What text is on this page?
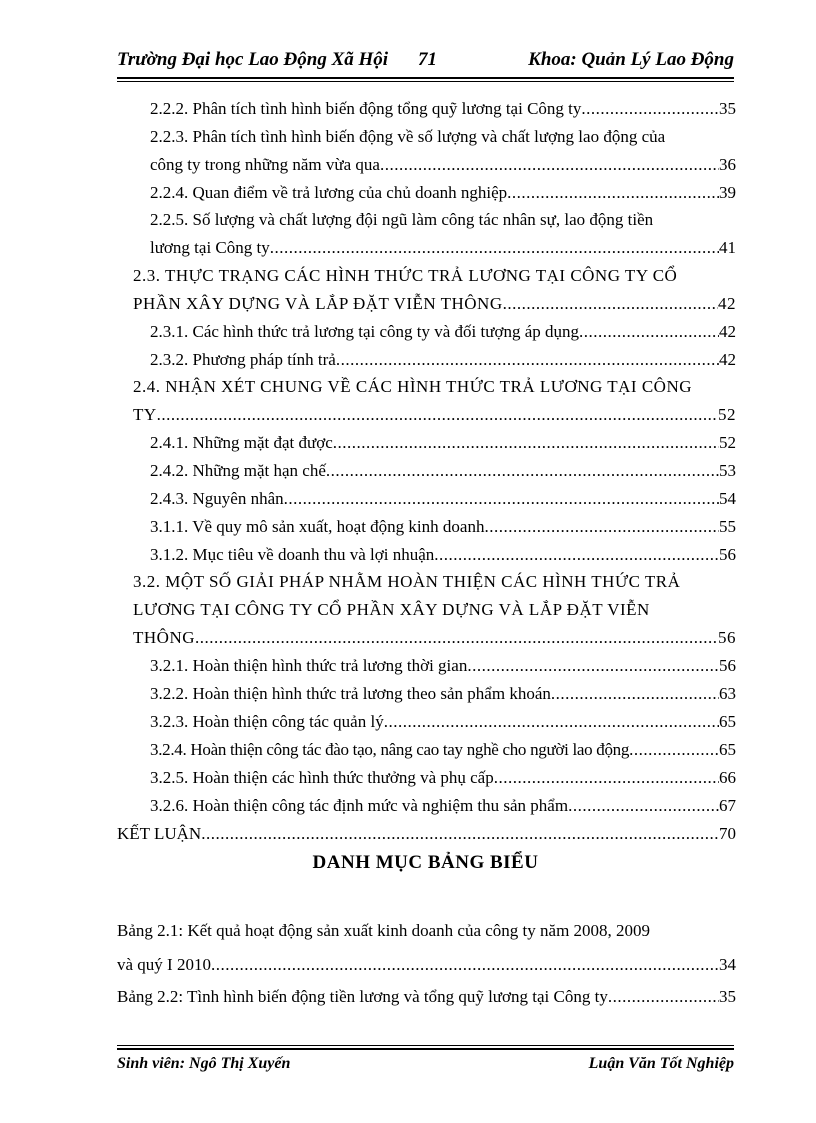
Trường Đại học Lao Động Xã Hội 71	Khoa: Quản Lý Lao Động
2.2.2. Phân tích tình hình biến động tổng quỹ lương tại Công ty .....	35
2.2.3. Phân tích tình hình biến động về số lượng và chất lượng lao động của
công ty trong những năm vừa qua .....	36
2.2.4. Quan điểm về trả lương của chủ doanh nghiệp .....	39
2.2.5. Số lượng và chất lượng đội ngũ làm công tác nhân sự, lao động tiền
lương tại Công ty .....	41
2.3. THỰC TRẠNG CÁC HÌNH THỨC TRẢ LƯƠNG TẠI CÔNG TY CỔ
PHẦN XÂY DỰNG VÀ LẮP ĐẶT VIỄN THÔNG .....	42
2.3.1. Các hình thức trả lương tại công ty và đối tượng áp dụng .....	42
2.3.2. Phương pháp tính trả .....	42
2.4. NHẬN XÉT CHUNG VỀ CÁC HÌNH THỨC TRẢ LƯƠNG TẠI CÔNG
TY .....	52
2.4.1. Những mặt đạt được .....	52
2.4.2. Những mặt hạn chế .....	53
2.4.3. Nguyên nhân .....	54
3.1.1. Về quy mô sản xuất, hoạt động kinh doanh .....	55
3.1.2. Mục tiêu về doanh thu và lợi nhuận .....	56
3.2. MỘT SỐ GIẢI PHÁP NHẰM HOÀN THIỆN CÁC HÌNH THỨC TRẢ
LƯƠNG TẠI CÔNG TY CỔ PHẦN XÂY DỰNG VÀ LẮP ĐẶT VIỄN
THÔNG .....	56
3.2.1. Hoàn thiện hình thức trả lương thời gian .....	56
3.2.2. Hoàn thiện hình thức trả lương theo sản phẩm khoán .....	63
3.2.3. Hoàn thiện công tác quản lý .....	65
3.2.4. Hoàn thiện công tác đào tạo, nâng cao tay nghề cho người lao động .....	65
3.2.5. Hoàn thiện các hình thức thưởng và phụ cấp .....	66
3.2.6. Hoàn thiện công tác định mức và nghiệm thu sản phẩm .....	67
KẾT LUẬN .....	70
DANH MỤC BẢNG BIỂU
Bảng 2.1: Kết quả hoạt động sản xuất kinh doanh của công ty năm 2008, 2009
và quý I 2010 .....	34
Bảng 2.2: Tình hình biến động tiền lương và tổng quỹ lương tại Công ty .....	35
Sinh viên: Ngô Thị Xuyến	Luận Văn Tốt Nghiệp
